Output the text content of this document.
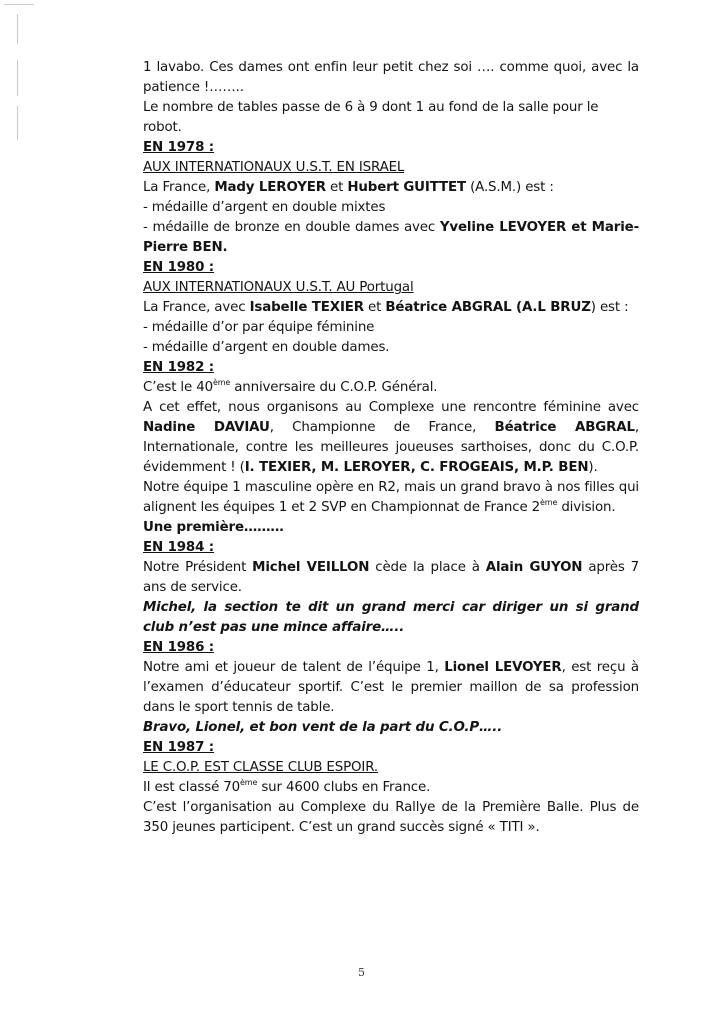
1 lavabo. Ces dames ont enfin leur petit chez soi …. comme quoi, avec la patience !……..

Le nombre de tables passe de 6 à 9 dont 1 au fond de la salle pour le robot.

EN 1978 :

AUX INTERNATIONAUX U.S.T. EN ISRAEL

La France, Mady LEROYER et Hubert GUITTET (A.S.M.) est :

- médaille d’argent en double mixtes

- médaille de bronze en double dames avec Yveline LEVOYER et Marie-Pierre BEN.

EN 1980 :

AUX INTERNATIONAUX U.S.T. AU Portugal

La France, avec Isabelle TEXIER et Béatrice ABGRAL (A.L BRUZ) est :

- médaille d’or par équipe féminine

- médaille d’argent en double dames.

EN 1982 :

C’est le 40ème anniversaire du C.O.P. Général.

A cet effet, nous organisons au Complexe une rencontre féminine avec Nadine DAVIAU, Championne de France, Béatrice ABGRAL, Internationale, contre les meilleures joueuses sarthoises, donc du C.O.P. évidemment ! (I. TEXIER, M. LEROYER, C. FROGEAIS, M.P. BEN).

Notre équipe 1 masculine opère en R2, mais un grand bravo à nos filles qui alignent les équipes 1 et 2 SVP en Championnat de France 2ème division.

Une première………

EN 1984 :

Notre Président Michel VEILLON cède la place à Alain GUYON après 7 ans de service.

Michel, la section te dit un grand merci car diriger un si grand club n’est pas une mince affaire…..

EN 1986 :

Notre ami et joueur de talent de l’équipe 1, Lionel LEVOYER, est reçu à l’examen d’éducateur sportif. C’est le premier maillon de sa profession dans le sport tennis de table.

Bravo, Lionel, et bon vent de la part du C.O.P…..

EN 1987 :

LE C.O.P. EST CLASSE CLUB ESPOIR.

Il est classé 70ème sur 4600 clubs en France.

C’est l’organisation au Complexe du Rallye de la Première Balle. Plus de 350 jeunes participent. C’est un grand succès signé « TITI ».

5
